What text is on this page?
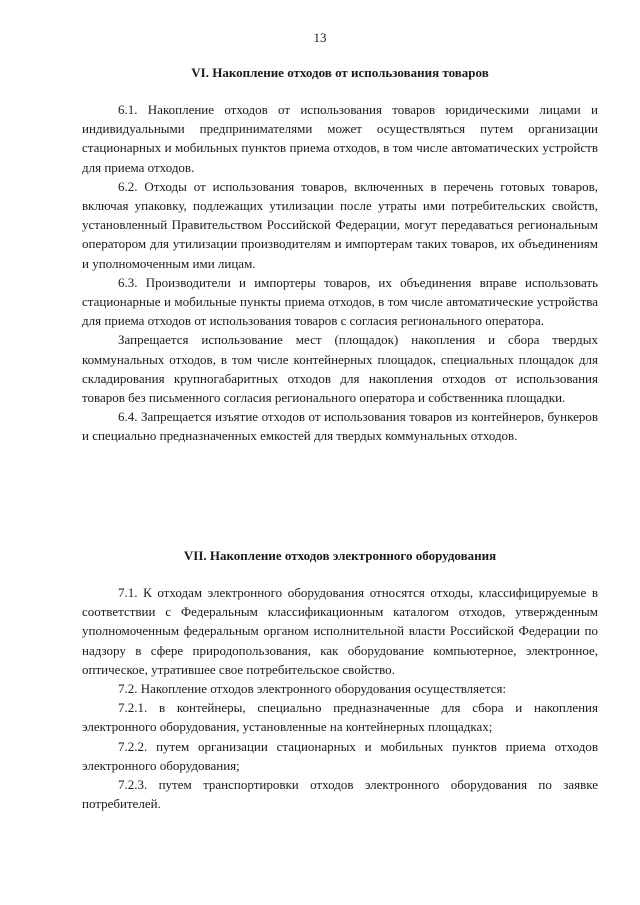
13
VI. Накопление отходов от использования товаров

6.1. Накопление отходов от использования товаров юридическими лицами и индивидуальными предпринимателями может осуществляться путем организации стационарных и мобильных пунктов приема отходов, в том числе автоматических устройств для приема отходов.

6.2. Отходы от использования товаров, включенных в перечень готовых товаров, включая упаковку, подлежащих утилизации после утраты ими потребительских свойств, установленный Правительством Российской Федерации, могут передаваться региональным оператором для утилизации производителям и импортерам таких товаров, их объединениям и уполномоченным ими лицам.

6.3. Производители и импортеры товаров, их объединения вправе использовать стационарные и мобильные пункты приема отходов, в том числе автоматические устройства для приема отходов от использования товаров с согласия регионального оператора.

Запрещается использование мест (площадок) накопления и сбора твердых коммунальных отходов, в том числе контейнерных площадок, специальных площадок для складирования крупногабаритных отходов для накопления отходов от использования товаров без письменного согласия регионального оператора и собственника площадки.

6.4. Запрещается изъятие отходов от использования товаров из контейнеров, бункеров и специально предназначенных емкостей для твердых коммунальных отходов.

VII. Накопление отходов электронного оборудования

7.1. К отходам электронного оборудования относятся отходы, классифицируемые в соответствии с Федеральным классификационным каталогом отходов, утвержденным уполномоченным федеральным органом исполнительной власти Российской Федерации по надзору в сфере природопользования, как оборудование компьютерное, электронное, оптическое, утратившее свое потребительское свойство.

7.2. Накопление отходов электронного оборудования осуществляется:

7.2.1. в контейнеры, специально предназначенные для сбора и накопления электронного оборудования, установленные на контейнерных площадках;

7.2.2. путем организации стационарных и мобильных пунктов приема отходов электронного оборудования;

7.2.3. путем транспортировки отходов электронного оборудования по заявке потребителей.
